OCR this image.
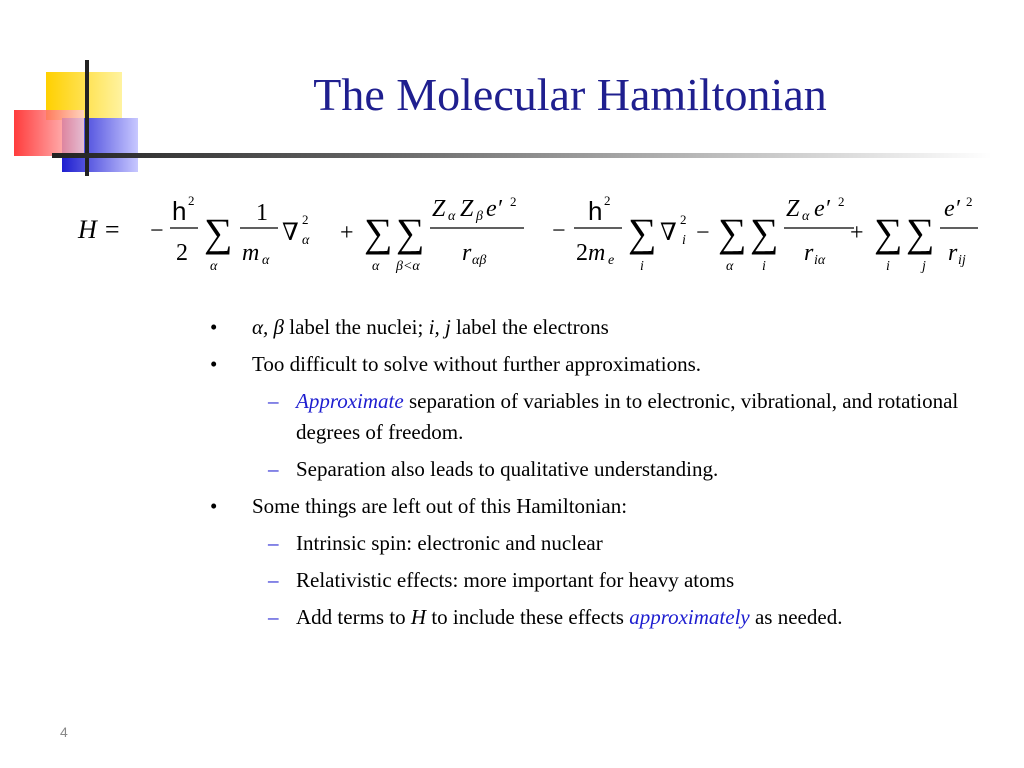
The Molecular Hamiltonian
H = −
h 2
2 ∑
α
1
m α
∇
2
α + ∑
α
∑
β<α
Z α Z β e′ 2
r αβ
−
h 2
2 m e
∑
i
∇
2
i − ∑
α
∑
i
Z α e′ 2
r iα
+ ∑
i
∑
j
e′ 2
r ij
• α, β label the nuclei; i, j label the electrons
• Too difficult to solve without further approximations.
– Approximate separation of variables in to electronic, vibrational, and rotational degrees of freedom.
– Separation also leads to qualitative understanding.
• Some things are left out of this Hamiltonian:
– Intrinsic spin: electronic and nuclear
– Relativistic effects: more important for heavy atoms
– Add terms to H to include these effects approximately as needed.
4
